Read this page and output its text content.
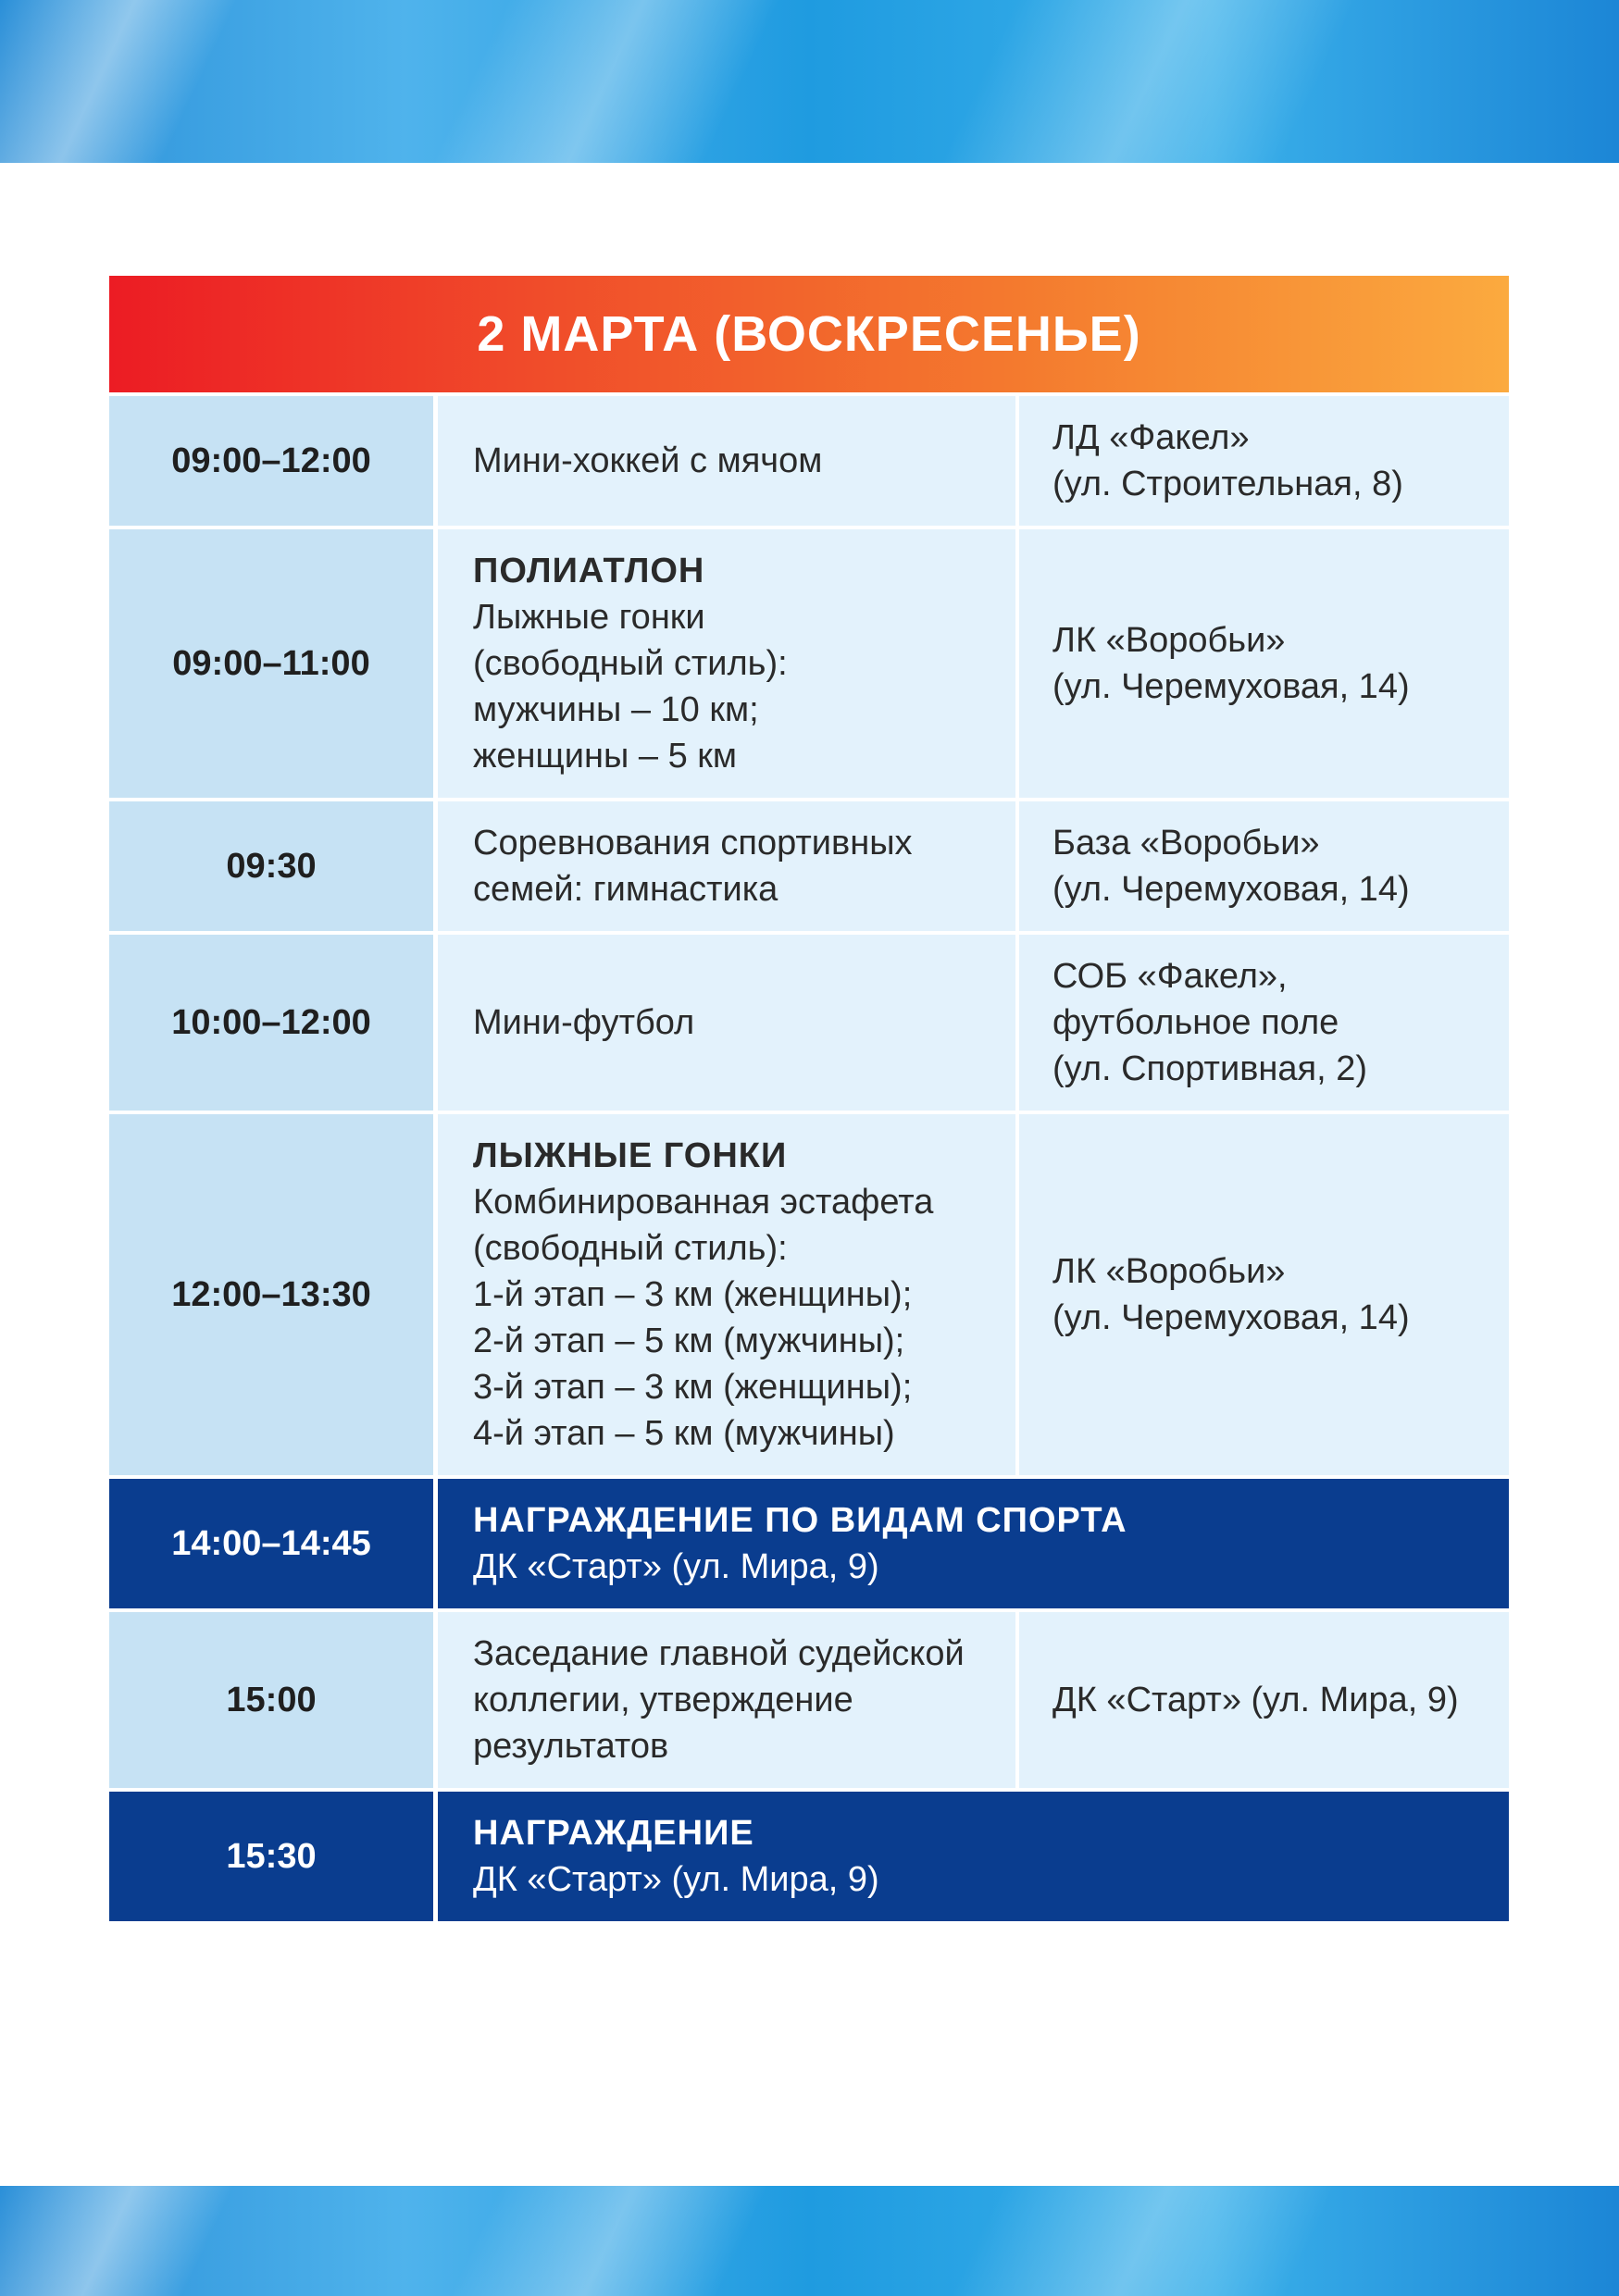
2 МАРТА (ВОСКРЕСЕНЬЕ)
09:00–12:00	Мини-хоккей с мячом
ЛД «Факел»
(ул. Строительная, 8)
09:00–11:00
ПОЛИАТЛОН
Лыжные гонки
(свободный стиль):
мужчины – 10 км;
женщины – 5 км
ЛК «Воробьи»
(ул. Черемуховая, 14)
09:30
Соревнования спортивных
семей: гимнастика
База «Воробьи»
(ул. Черемуховая, 14)
10:00–12:00	Мини-футбол
СОБ «Факел»,
футбольное поле
(ул. Спортивная, 2)
12:00–13:30
ЛЫЖНЫЕ ГОНКИ
Комбинированная эстафета
(свободный стиль):
1-й этап – 3 км (женщины);
2-й этап – 5 км (мужчины);
3-й этап – 3 км (женщины);
4-й этап – 5 км (мужчины)
ЛК «Воробьи»
(ул. Черемуховая, 14)
14:00–14:45
НАГРАЖДЕНИЕ ПО ВИДАМ СПОРТА
ДК «Старт» (ул. Мира, 9)
15:00
Заседание главной судейской
коллегии, утверждение
результатов
ДК «Старт» (ул. Мира, 9)
15:30
НАГРАЖДЕНИЕ
ДК «Старт» (ул. Мира, 9)
